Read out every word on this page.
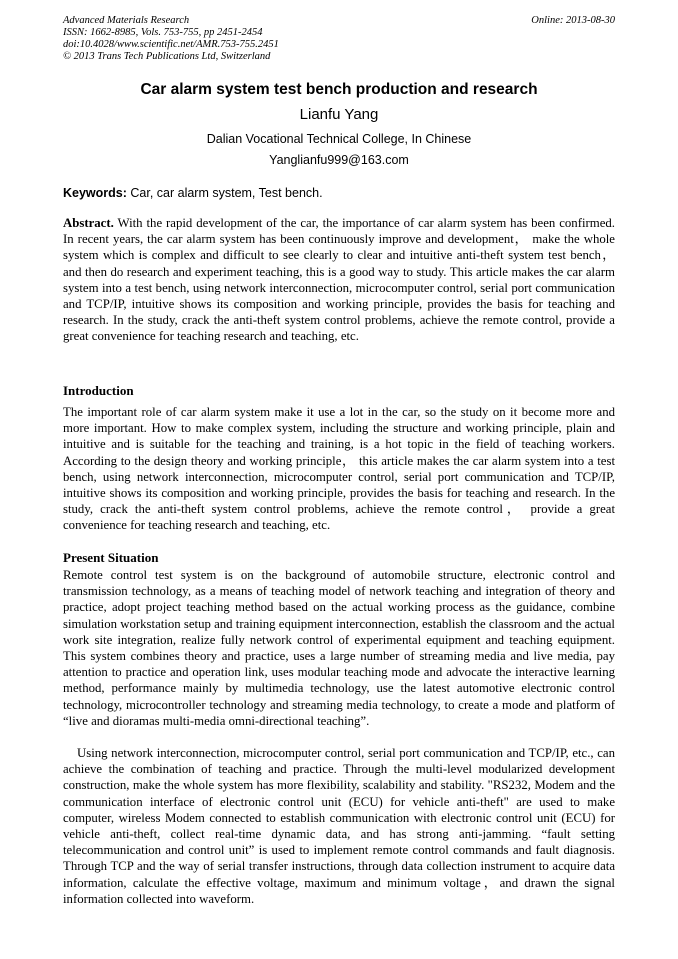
Advanced Materials Research
ISSN: 1662-8985, Vols. 753-755, pp 2451-2454
doi:10.4028/www.scientific.net/AMR.753-755.2451
© 2013 Trans Tech Publications Ltd, Switzerland
Online: 2013-08-30
Car alarm system test bench production and research
Lianfu Yang
Dalian Vocational Technical College, In Chinese
Yanglianfu999@163.com
Keywords: Car, car alarm system, Test bench.
Abstract. With the rapid development of the car, the importance of car alarm system has been confirmed. In recent years, the car alarm system has been continuously improve and development， make the whole system which is complex and difficult to see clearly to clear and intuitive anti-theft system test bench， and then do research and experiment teaching, this is a good way to study. This article makes the car alarm system into a test bench, using network interconnection, microcomputer control, serial port communication and TCP/IP, intuitive shows its composition and working principle, provides the basis for teaching and research. In the study, crack the anti-theft system control problems, achieve the remote control, provide a great convenience for teaching research and teaching, etc.
Introduction
The important role of car alarm system make it use a lot in the car, so the study on it become more and more important. How to make complex system, including the structure and working principle, plain and intuitive and is suitable for the teaching and training, is a hot topic in the field of teaching workers. According to the design theory and working principle， this article makes the car alarm system into a test bench, using network interconnection, microcomputer control, serial port communication and TCP/IP, intuitive shows its composition and working principle, provides the basis for teaching and research. In the study, crack the anti-theft system control problems, achieve the remote control， provide a great convenience for teaching research and teaching, etc.
Present Situation
Remote control test system is on the background of automobile structure, electronic control and transmission technology, as a means of teaching model of network teaching and integration of theory and practice, adopt project teaching method based on the actual working process as the guidance, combine simulation workstation setup and training equipment interconnection, establish the classroom and the actual work site integration, realize fully network control of experimental equipment and teaching equipment. This system combines theory and practice, uses a large number of streaming media and live media, pay attention to practice and operation link, uses modular teaching mode and advocate the interactive learning method, performance mainly by multimedia technology, use the latest automotive electronic control technology, microcontroller technology and streaming media technology, to create a mode and platform of “live and dioramas multi-media omni-directional teaching”.
Using network interconnection, microcomputer control, serial port communication and TCP/IP, etc., can achieve the combination of teaching and practice. Through the multi-level modularized development construction, make the whole system has more flexibility, scalability and stability. "RS232, Modem and the communication interface of electronic control unit (ECU) for vehicle anti-theft" are used to make computer, wireless Modem connected to establish communication with electronic control unit (ECU) for vehicle anti-theft, collect real-time dynamic data, and has strong anti-jamming. “fault setting telecommunication and control unit” is used to implement remote control commands and fault diagnosis. Through TCP and the way of serial transfer instructions, through data collection instrument to acquire data information, calculate the effective voltage, maximum and minimum voltage，and drawn the signal information collected into waveform.
